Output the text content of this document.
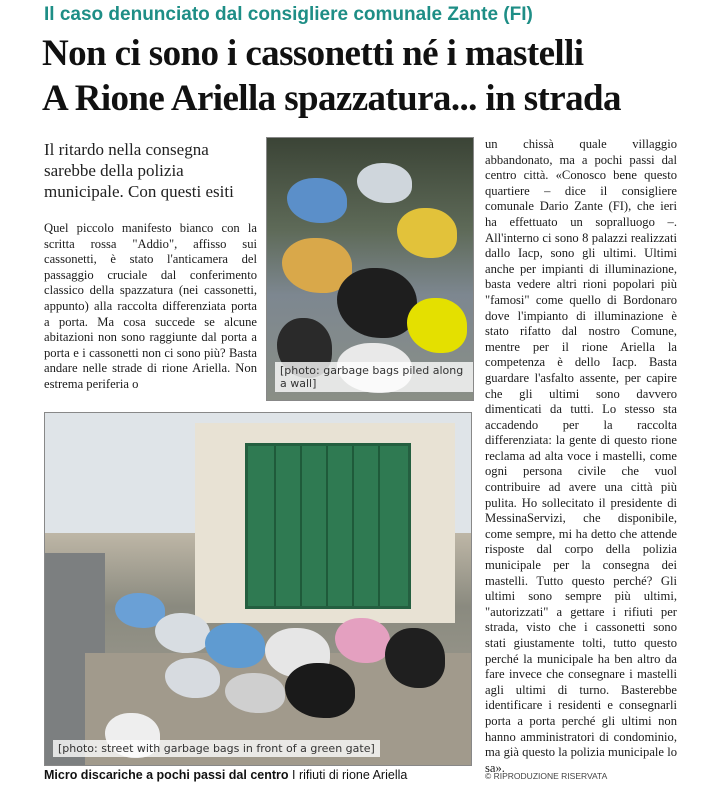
Il caso denunciato dal consigliere comunale Zante (FI)
Non ci sono i cassonetti né i mastelli
A Rione Ariella spazzatura... in strada
Il ritardo nella consegna sarebbe della polizia municipale. Con questi esiti

Quel piccolo manifesto bianco con la scritta rossa "Addio", affisso sui cassonetti, è stato l'anticamera del passaggio cruciale dal conferimento classico della spazzatura (nei cassonetti, appunto) alla raccolta differenziata porta a porta. Ma cosa succede se alcune abitazioni non sono raggiunte dal porta a porta e i cassonetti non ci sono più? Basta andare nelle strade di rione Ariella. Non estrema periferia o

[photo: garbage bags piled along a wall]
[photo: street with garbage bags in front of a green gate]

un chissà quale villaggio abbandonato, ma a pochi passi dal centro città. «Conosco bene questo quartiere – dice il consigliere comunale Dario Zante (FI), che ieri ha effettuato un sopralluogo –. All'interno ci sono 8 palazzi realizzati dallo Iacp, sono gli ultimi. Ultimi anche per impianti di illuminazione, basta vedere altri rioni popolari più "famosi" come quello di Bordonaro dove l'impianto di illuminazione è stato rifatto dal nostro Comune, mentre per il rione Ariella la competenza è dello Iacp. Basta guardare l'asfalto assente, per capire che gli ultimi sono davvero dimenticati da tutti. Lo stesso sta accadendo per la raccolta differenziata: la gente di questo rione reclama ad alta voce i mastelli, come ogni persona civile che vuol contribuire ad avere una città più pulita. Ho sollecitato il presidente di MessinaServizi, che disponibile, come sempre, mi ha detto che attende risposte dal corpo della polizia municipale per la consegna dei mastelli. Tutto questo perché? Gli ultimi sono sempre più ultimi, "autorizzati" a gettare i rifiuti per strada, visto che i cassonetti sono stati giustamente tolti, tutto questo perché la municipale ha ben altro da fare invece che consegnare i mastelli agli ultimi di turno. Basterebbe identificare i residenti e consegnarli porta a porta perché gli ultimi non hanno amministratori di condominio, ma già questo la polizia municipale lo sa».

Micro discariche a pochi passi dal centro I rifiuti di rione Ariella	© RIPRODUZIONE RISERVATA
